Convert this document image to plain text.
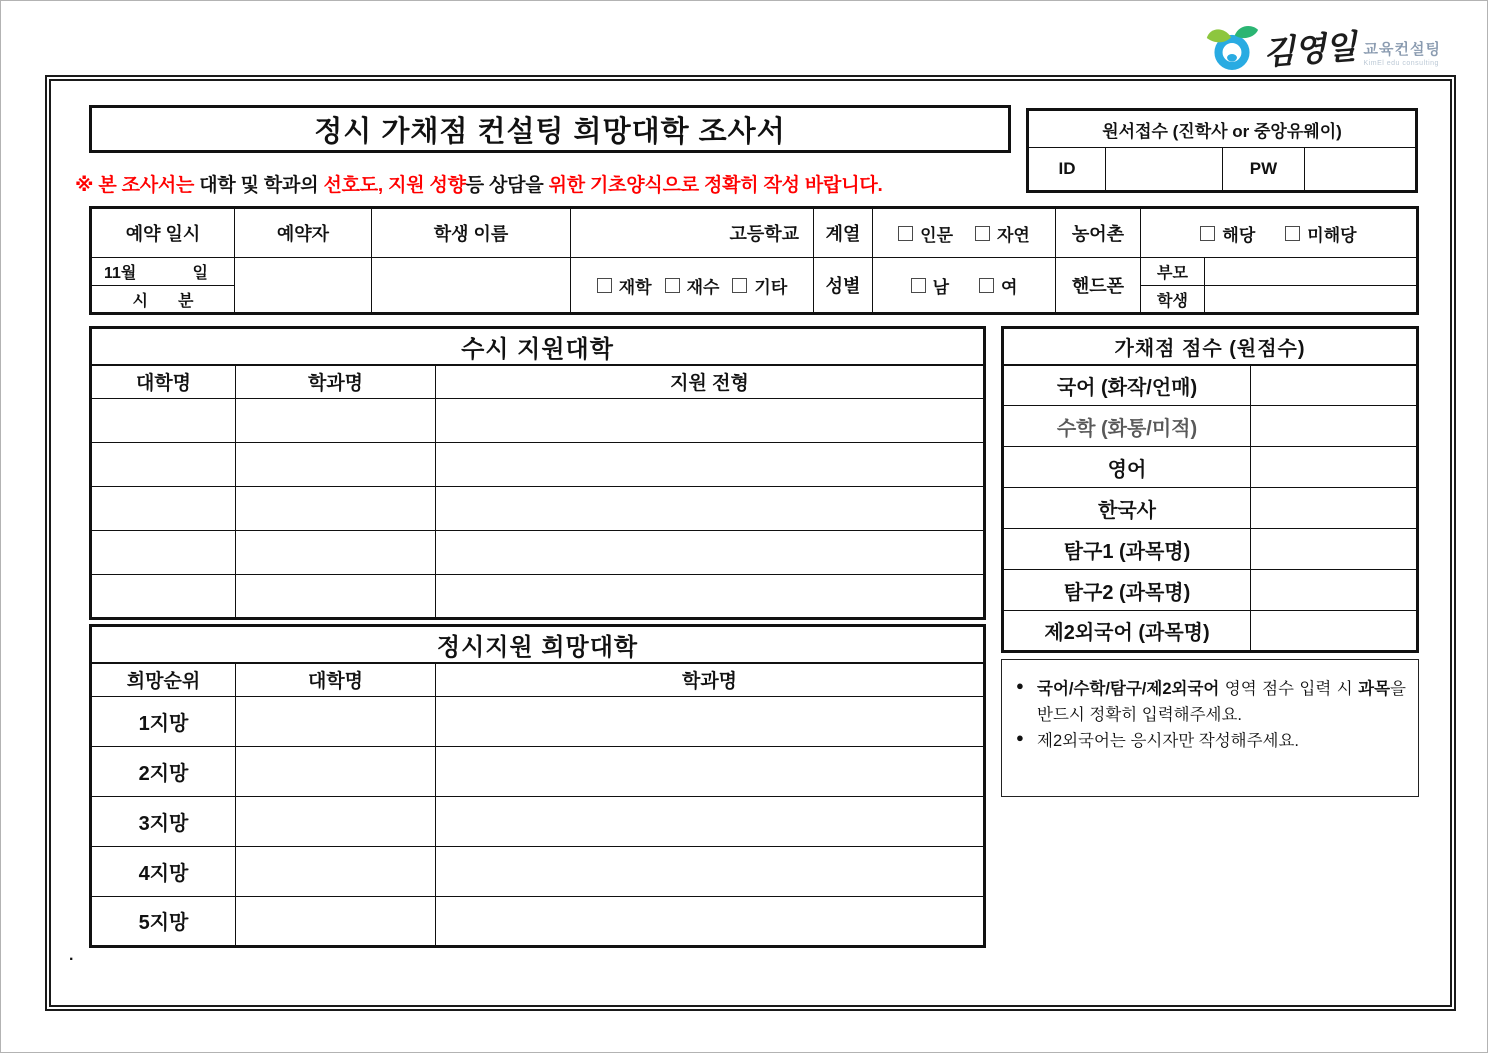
김영일 교육컨설팅
KimEl edu consulting
정시 가채점 컨설팅 희망대학 조사서	원서접수 (진학사 or 중앙유웨이)
ID		PW	
※ 본 조사서는 대학 및 학과의 선호도, 지원 성향등 상담을 위한 기초양식으로 정확히 작성 바랍니다.
예약 일시	예약자	학생 이름	고등학교	계열	인문 자연	농어촌	해당 미해당	

11월 일			재학 재수 기타	성별	남 여	핸드폰	부모	

시 분							학생	
수시 지원대학		
대학명	학과명	지원 전형

가채점 점수 (원점수)	
국어 (화작/언매)	
수학 (화통/미적)	
영어	
한국사	
탐구1 (과목명)	
탐구2 (과목명)	
제2외국어 (과목명)	
● 국어/수학/탐구/제2외국어 영역 점수 입력 시 과목을 반드시 정확히 입력해주세요.
● 제2외국어는 응시자만 작성해주세요.
정시지원 희망대학		
희망순위	대학명	학과명
1지망		
2지망		
3지망		
4지망		
5지망		
.
